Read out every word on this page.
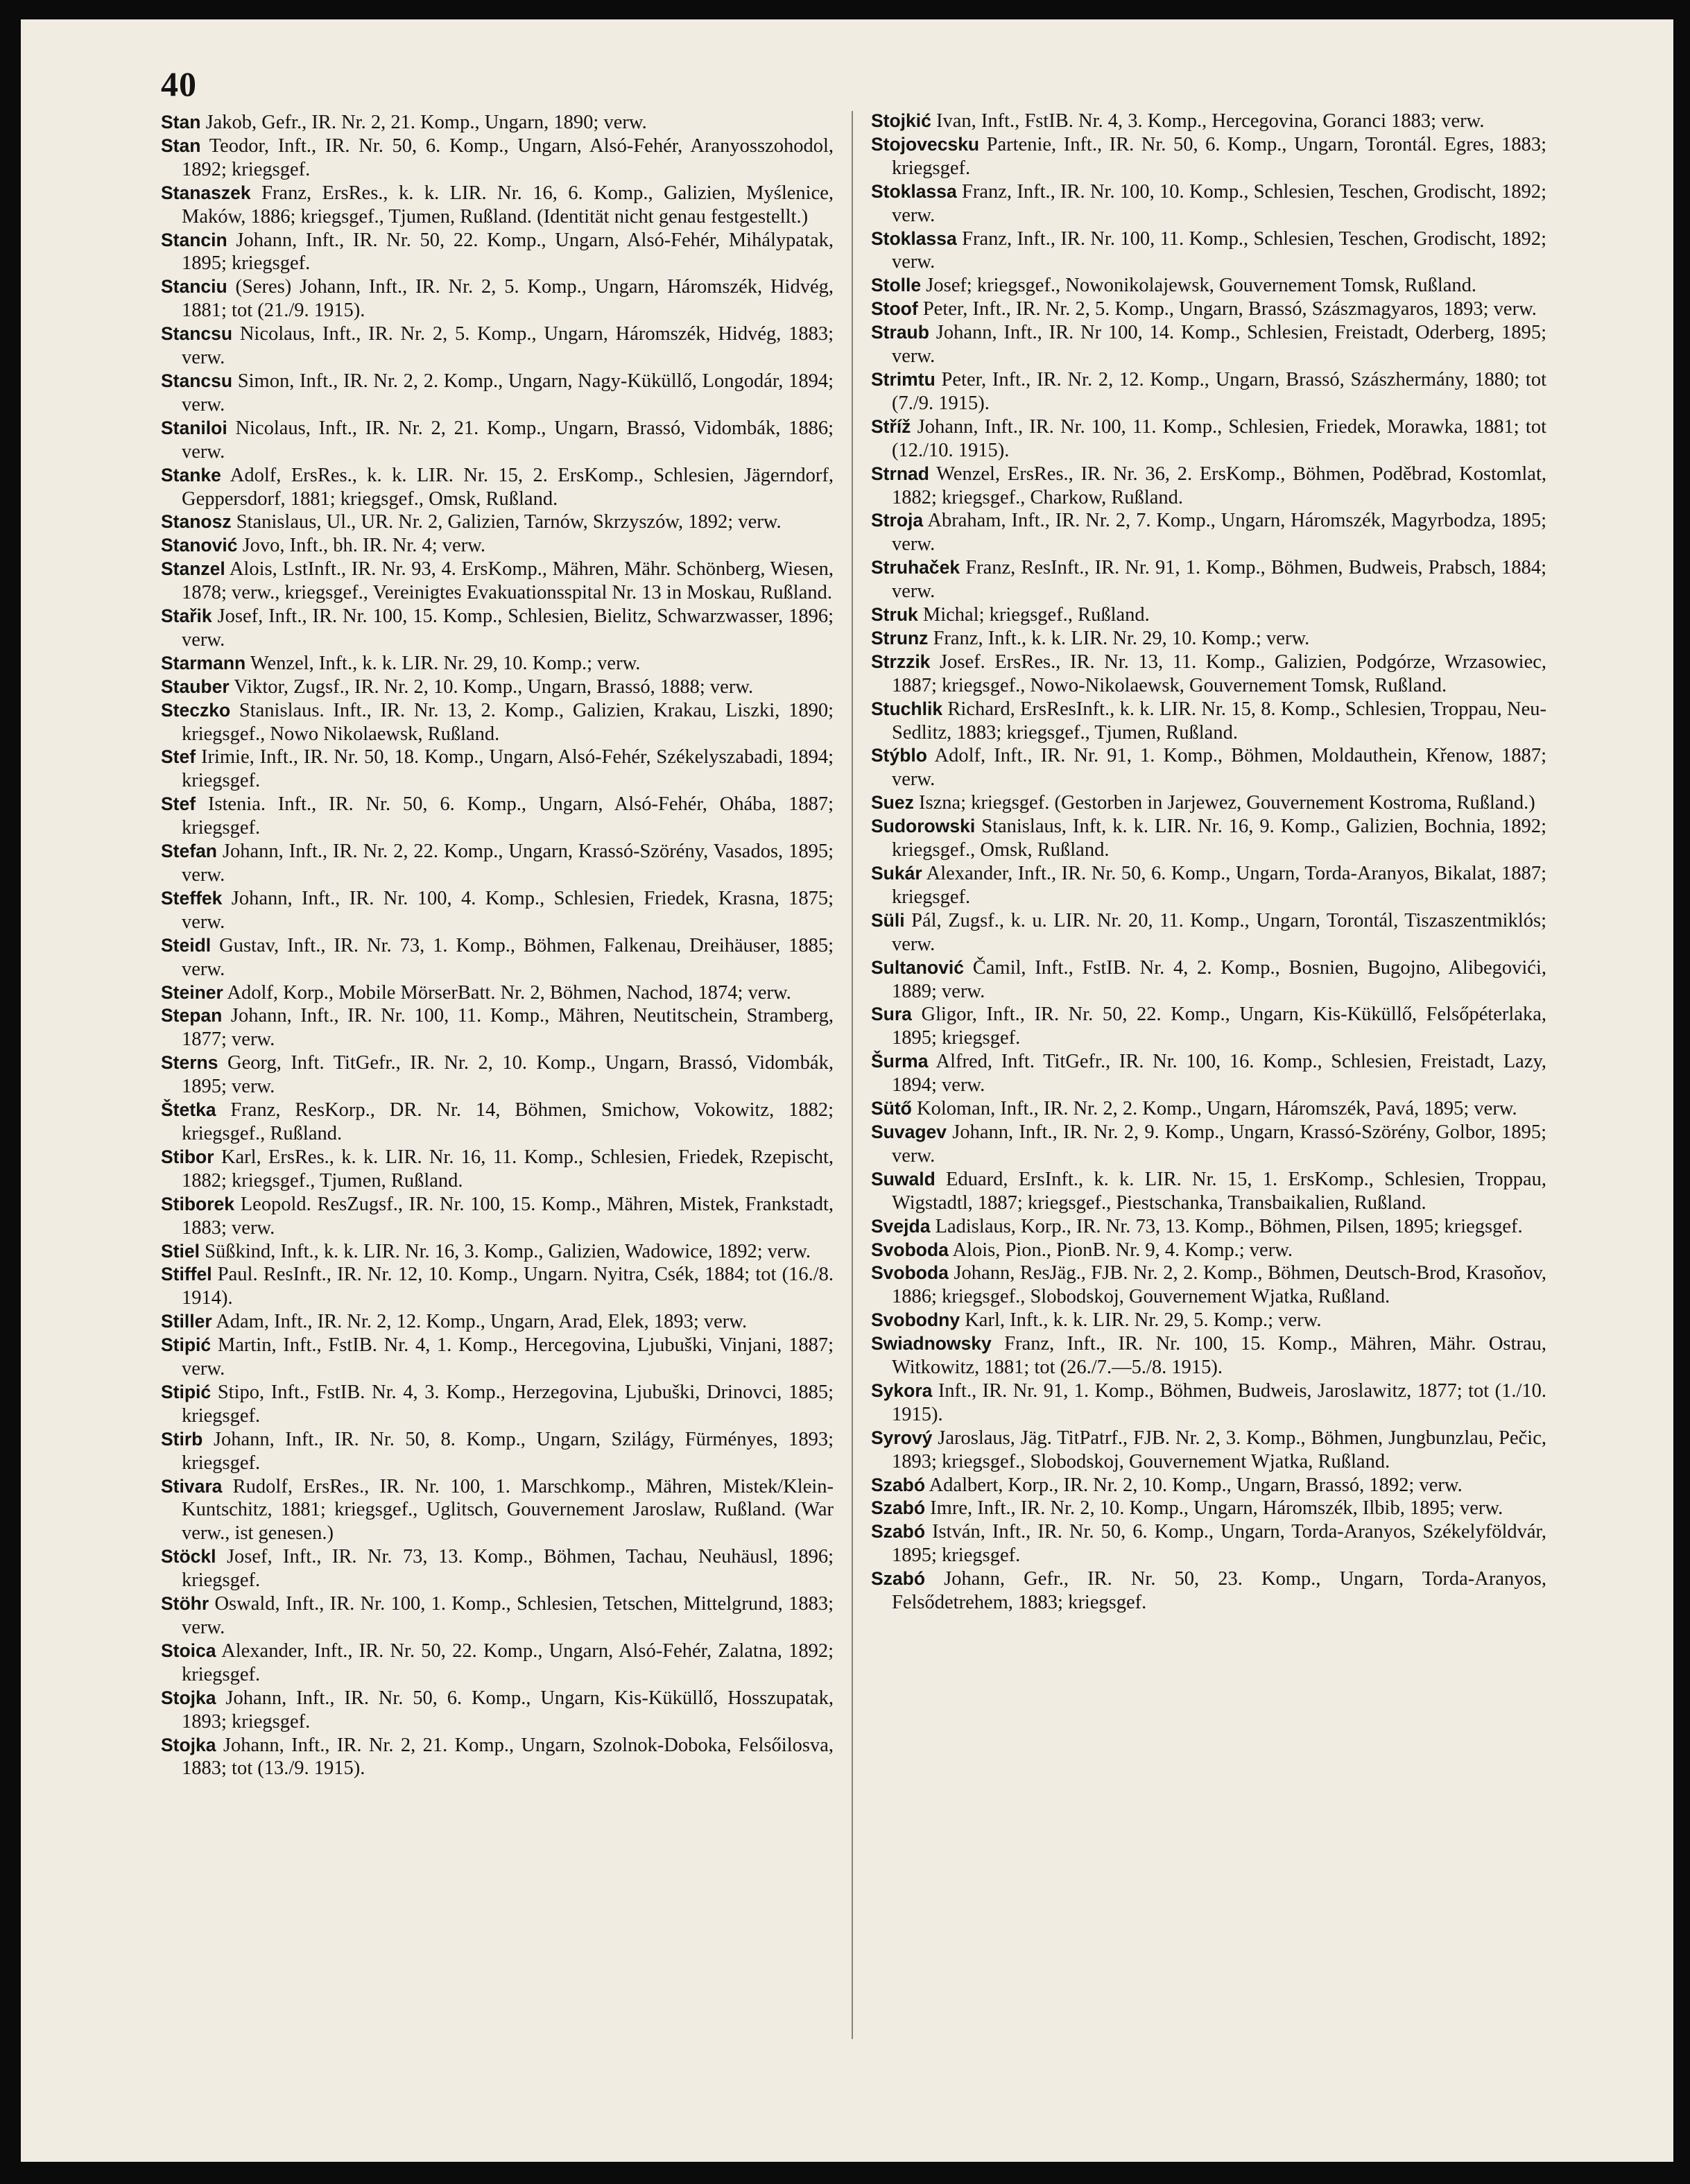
40
Stan Jakob, Gefr., IR. Nr. 2, 21. Komp., Ungarn, 1890; verw.
Stan Teodor, Inft., IR. Nr. 50, 6. Komp., Ungarn, Alsó-Fehér, Aranyosszohodol, 1892; kriegsgef.
Stanaszek Franz, ErsRes., k. k. LIR. Nr. 16, 6. Komp., Galizien, Myślenice, Maków, 1886; kriegsgef., Tjumen, Rußland. (Identität nicht genau festgestellt.)
Stancin Johann, Inft., IR. Nr. 50, 22. Komp., Ungarn, Alsó-Fehér, Mihálypatak, 1895; kriegsgef.
Stanciu (Seres) Johann, Inft., IR. Nr. 2, 5. Komp., Ungarn, Háromszék, Hidvég, 1881; tot (21./9. 1915).
Stancsu Nicolaus, Inft., IR. Nr. 2, 5. Komp., Ungarn, Háromszék, Hidvég, 1883; verw.
Stancsu Simon, Inft., IR. Nr. 2, 2. Komp., Ungarn, Nagy-Küküllő, Longodár, 1894; verw.
Staniloi Nicolaus, Inft., IR. Nr. 2, 21. Komp., Ungarn, Brassó, Vidombák, 1886; verw.
Stanke Adolf, ErsRes., k. k. LIR. Nr. 15, 2. ErsKomp., Schlesien, Jägerndorf, Geppersdorf, 1881; kriegsgef., Omsk, Rußland.
Stanosz Stanislaus, Ul., UR. Nr. 2, Galizien, Tarnów, Skrzyszów, 1892; verw.
Stanović Jovo, Inft., bh. IR. Nr. 4; verw.
Stanzel Alois, LstInft., IR. Nr. 93, 4. ErsKomp., Mähren, Mähr. Schönberg, Wiesen, 1878; verw., kriegsgef., Vereinigtes Evakuationsspital Nr. 13 in Moskau, Rußland.
Stařik Josef, Inft., IR. Nr. 100, 15. Komp., Schlesien, Bielitz, Schwarzwasser, 1896; verw.
Starmann Wenzel, Inft., k. k. LIR. Nr. 29, 10. Komp.; verw.
Stauber Viktor, Zugsf., IR. Nr. 2, 10. Komp., Ungarn, Brassó, 1888; verw.
Steczko Stanislaus. Inft., IR. Nr. 13, 2. Komp., Galizien, Krakau, Liszki, 1890; kriegsgef., Nowo Nikolaewsk, Rußland.
Stef Irimie, Inft., IR. Nr. 50, 18. Komp., Ungarn, Alsó-Fehér, Székelyszabadi, 1894; kriegsgef.
Stef Istenia. Inft., IR. Nr. 50, 6. Komp., Ungarn, Alsó-Fehér, Ohába, 1887; kriegsgef.
Stefan Johann, Inft., IR. Nr. 2, 22. Komp., Ungarn, Krassó-Szörény, Vasados, 1895; verw.
Steffek Johann, Inft., IR. Nr. 100, 4. Komp., Schlesien, Friedek, Krasna, 1875; verw.
Steidl Gustav, Inft., IR. Nr. 73, 1. Komp., Böhmen, Falkenau, Dreihäuser, 1885; verw.
Steiner Adolf, Korp., Mobile MörserBatt. Nr. 2, Böhmen, Nachod, 1874; verw.
Stepan Johann, Inft., IR. Nr. 100, 11. Komp., Mähren, Neutitschein, Stramberg, 1877; verw.
Sterns Georg, Inft. TitGefr., IR. Nr. 2, 10. Komp., Ungarn, Brassó, Vidombák, 1895; verw.
Štetka Franz, ResKorp., DR. Nr. 14, Böhmen, Smichow, Vokowitz, 1882; kriegsgef., Rußland.
Stibor Karl, ErsRes., k. k. LIR. Nr. 16, 11. Komp., Schlesien, Friedek, Rzepischt, 1882; kriegsgef., Tjumen, Rußland.
Stiborek Leopold. ResZugsf., IR. Nr. 100, 15. Komp., Mähren, Mistek, Frankstadt, 1883; verw.
Stiel Süßkind, Inft., k. k. LIR. Nr. 16, 3. Komp., Galizien, Wadowice, 1892; verw.
Stiffel Paul. ResInft., IR. Nr. 12, 10. Komp., Ungarn. Nyitra, Csék, 1884; tot (16./8. 1914).
Stiller Adam, Inft., IR. Nr. 2, 12. Komp., Ungarn, Arad, Elek, 1893; verw.
Stipić Martin, Inft., FstIB. Nr. 4, 1. Komp., Hercegovina, Ljubuški, Vinjani, 1887; verw.
Stipić Stipo, Inft., FstIB. Nr. 4, 3. Komp., Herzegovina, Ljubuški, Drinovci, 1885; kriegsgef.
Stirb Johann, Inft., IR. Nr. 50, 8. Komp., Ungarn, Szilágy, Fürményes, 1893; kriegsgef.
Stivara Rudolf, ErsRes., IR. Nr. 100, 1. Marschkomp., Mähren, Mistek/Klein-Kuntschitz, 1881; kriegsgef., Uglitsch, Gouvernement Jaroslaw, Rußland. (War verw., ist genesen.)
Stöckl Josef, Inft., IR. Nr. 73, 13. Komp., Böhmen, Tachau, Neuhäusl, 1896; kriegsgef.
Stöhr Oswald, Inft., IR. Nr. 100, 1. Komp., Schlesien, Tetschen, Mittelgrund, 1883; verw.
Stoica Alexander, Inft., IR. Nr. 50, 22. Komp., Ungarn, Alsó-Fehér, Zalatna, 1892; kriegsgef.
Stojka Johann, Inft., IR. Nr. 50, 6. Komp., Ungarn, Kis-Küküllő, Hosszupatak, 1893; kriegsgef.
Stojka Johann, Inft., IR. Nr. 2, 21. Komp., Ungarn, Szolnok-Doboka, Felsőilosva, 1883; tot (13./9. 1915).
Stojkić Ivan, Inft., FstIB. Nr. 4, 3. Komp., Hercegovina, Goranci 1883; verw.
Stojovecsku Partenie, Inft., IR. Nr. 50, 6. Komp., Ungarn, Torontál. Egres, 1883; kriegsgef.
Stoklassa Franz, Inft., IR. Nr. 100, 10. Komp., Schlesien, Teschen, Grodischt, 1892; verw.
Stoklassa Franz, Inft., IR. Nr. 100, 11. Komp., Schlesien, Teschen, Grodischt, 1892; verw.
Stolle Josef; kriegsgef., Nowonikolajewsk, Gouvernement Tomsk, Rußland.
Stoof Peter, Inft., IR. Nr. 2, 5. Komp., Ungarn, Brassó, Szászmagyaros, 1893; verw.
Straub Johann, Inft., IR. Nr 100, 14. Komp., Schlesien, Freistadt, Oderberg, 1895; verw.
Strimtu Peter, Inft., IR. Nr. 2, 12. Komp., Ungarn, Brassó, Szászhermány, 1880; tot (7./9. 1915).
Stříž Johann, Inft., IR. Nr. 100, 11. Komp., Schlesien, Friedek, Morawka, 1881; tot (12./10. 1915).
Strnad Wenzel, ErsRes., IR. Nr. 36, 2. ErsKomp., Böhmen, Poděbrad, Kostomlat, 1882; kriegsgef., Charkow, Rußland.
Stroja Abraham, Inft., IR. Nr. 2, 7. Komp., Ungarn, Háromszék, Magyrbodza, 1895; verw.
Struhaček Franz, ResInft., IR. Nr. 91, 1. Komp., Böhmen, Budweis, Prabsch, 1884; verw.
Struk Michal; kriegsgef., Rußland.
Strunz Franz, Inft., k. k. LIR. Nr. 29, 10. Komp.; verw.
Strzzik Josef. ErsRes., IR. Nr. 13, 11. Komp., Galizien, Podgórze, Wrzasowiec, 1887; kriegsgef., Nowo-Nikolaewsk, Gouvernement Tomsk, Rußland.
Stuchlik Richard, ErsResInft., k. k. LIR. Nr. 15, 8. Komp., Schlesien, Troppau, Neu-Sedlitz, 1883; kriegsgef., Tjumen, Rußland.
Stýblo Adolf, Inft., IR. Nr. 91, 1. Komp., Böhmen, Moldauthein, Křenow, 1887; verw.
Suez Iszna; kriegsgef. (Gestorben in Jarjewez, Gouvernement Kostroma, Rußland.)
Sudorowski Stanislaus, Inft, k. k. LIR. Nr. 16, 9. Komp., Galizien, Bochnia, 1892; kriegsgef., Omsk, Rußland.
Sukár Alexander, Inft., IR. Nr. 50, 6. Komp., Ungarn, Torda-Aranyos, Bikalat, 1887; kriegsgef.
Süli Pál, Zugsf., k. u. LIR. Nr. 20, 11. Komp., Ungarn, Torontál, Tiszaszentmiklós; verw.
Sultanović Čamil, Inft., FstIB. Nr. 4, 2. Komp., Bosnien, Bugojno, Alibegovići, 1889; verw.
Sura Gligor, Inft., IR. Nr. 50, 22. Komp., Ungarn, Kis-Küküllő, Felsőpéterlaka, 1895; kriegsgef.
Šurma Alfred, Inft. TitGefr., IR. Nr. 100, 16. Komp., Schlesien, Freistadt, Lazy, 1894; verw.
Sütő Koloman, Inft., IR. Nr. 2, 2. Komp., Ungarn, Háromszék, Pavá, 1895; verw.
Suvagev Johann, Inft., IR. Nr. 2, 9. Komp., Ungarn, Krassó-Szörény, Golbor, 1895; verw.
Suwald Eduard, ErsInft., k. k. LIR. Nr. 15, 1. ErsKomp., Schlesien, Troppau, Wigstadtl, 1887; kriegsgef., Piestschanka, Transbaikalien, Rußland.
Svejda Ladislaus, Korp., IR. Nr. 73, 13. Komp., Böhmen, Pilsen, 1895; kriegsgef.
Svoboda Alois, Pion., PionB. Nr. 9, 4. Komp.; verw.
Svoboda Johann, ResJäg., FJB. Nr. 2, 2. Komp., Böhmen, Deutsch-Brod, Krasoňov, 1886; kriegsgef., Slobodskoj, Gouvernement Wjatka, Rußland.
Svobodny Karl, Inft., k. k. LIR. Nr. 29, 5. Komp.; verw.
Swiadnowsky Franz, Inft., IR. Nr. 100, 15. Komp., Mähren, Mähr. Ostrau, Witkowitz, 1881; tot (26./7.—5./8. 1915).
Sykora Inft., IR. Nr. 91, 1. Komp., Böhmen, Budweis, Jaroslawitz, 1877; tot (1./10. 1915).
Syrový Jaroslaus, Jäg. TitPatrf., FJB. Nr. 2, 3. Komp., Böhmen, Jungbunzlau, Pečic, 1893; kriegsgef., Slobodskoj, Gouvernement Wjatka, Rußland.
Szabó Adalbert, Korp., IR. Nr. 2, 10. Komp., Ungarn, Brassó, 1892; verw.
Szabó Imre, Inft., IR. Nr. 2, 10. Komp., Ungarn, Háromszék, Ilbib, 1895; verw.
Szabó István, Inft., IR. Nr. 50, 6. Komp., Ungarn, Torda-Aranyos, Székelyföldvár, 1895; kriegsgef.
Szabó Johann, Gefr., IR. Nr. 50, 23. Komp., Ungarn, Torda-Aranyos, Felsődetrehem, 1883; kriegsgef.
